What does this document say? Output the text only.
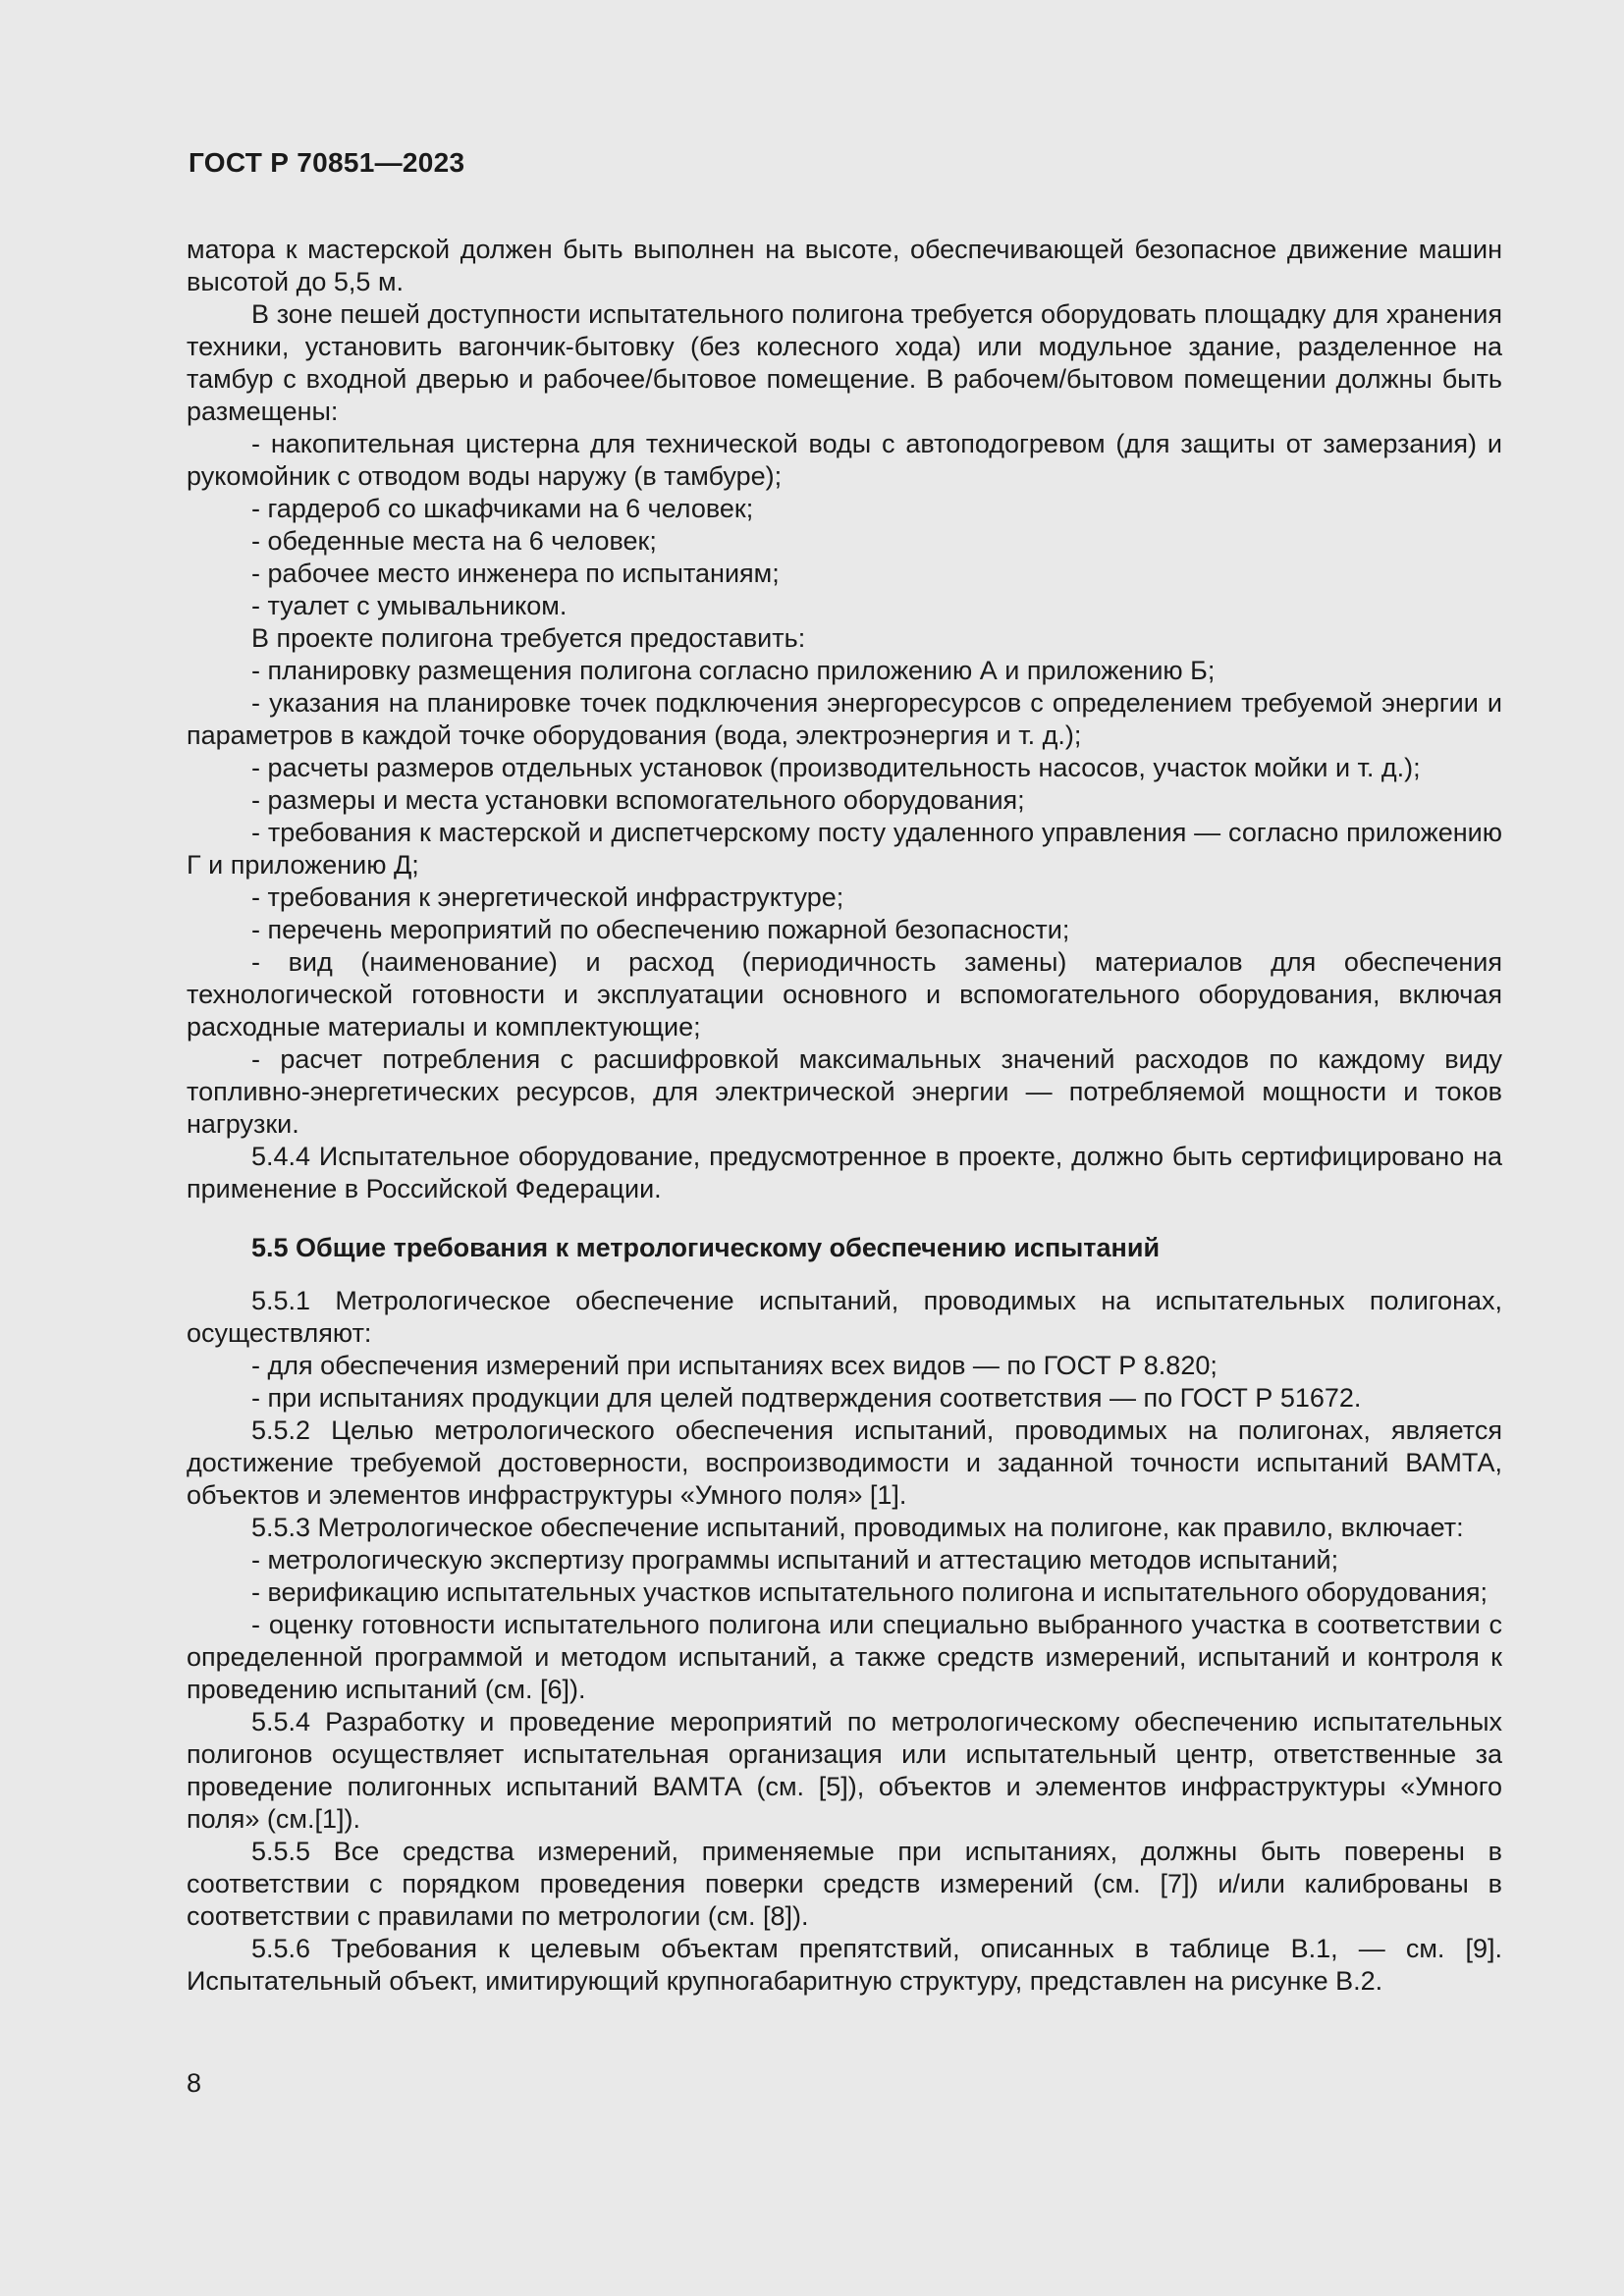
ГОСТ Р 70851—2023

матора к мастерской должен быть выполнен на высоте, обеспечивающей безопасное движение машин высотой до 5,5 м.

В зоне пешей доступности испытательного полигона требуется оборудовать площадку для хранения техники, установить вагончик-бытовку (без колесного хода) или модульное здание, разделенное на тамбур с входной дверью и рабочее/бытовое помещение. В рабочем/бытовом помещении должны быть размещены:

- накопительная цистерна для технической воды с автоподогревом (для защиты от замерзания) и рукомойник с отводом воды наружу (в тамбуре);

- гардероб со шкафчиками на 6 человек;

- обеденные места на 6 человек;

- рабочее место инженера по испытаниям;

- туалет с умывальником.

В проекте полигона требуется предоставить:

- планировку размещения полигона согласно приложению А и приложению Б;

- указания на планировке точек подключения энергоресурсов с определением требуемой энергии и параметров в каждой точке оборудования (вода, электроэнергия и т. д.);

- расчеты размеров отдельных установок (производительность насосов, участок мойки и т. д.);

- размеры и места установки вспомогательного оборудования;

- требования к мастерской и диспетчерскому посту удаленного управления — согласно приложению Г и приложению Д;

- требования к энергетической инфраструктуре;

- перечень мероприятий по обеспечению пожарной безопасности;

- вид (наименование) и расход (периодичность замены) материалов для обеспечения технологической готовности и эксплуатации основного и вспомогательного оборудования, включая расходные материалы и комплектующие;

- расчет потребления с расшифровкой максимальных значений расходов по каждому виду топливно-энергетических ресурсов, для электрической энергии — потребляемой мощности и токов нагрузки.

5.4.4 Испытательное оборудование, предусмотренное в проекте, должно быть сертифицировано на применение в Российской Федерации.

5.5 Общие требования к метрологическому обеспечению испытаний

5.5.1 Метрологическое обеспечение испытаний, проводимых на испытательных полигонах, осуществляют:

- для обеспечения измерений при испытаниях всех видов — по ГОСТ Р 8.820;

- при испытаниях продукции для целей подтверждения соответствия — по ГОСТ Р 51672.

5.5.2 Целью метрологического обеспечения испытаний, проводимых на полигонах, является достижение требуемой достоверности, воспроизводимости и заданной точности испытаний ВАМТА, объектов и элементов инфраструктуры «Умного поля» [1].

5.5.3 Метрологическое обеспечение испытаний, проводимых на полигоне, как правило, включает:

- метрологическую экспертизу программы испытаний и аттестацию методов испытаний;

- верификацию испытательных участков испытательного полигона и испытательного оборудования;

- оценку готовности испытательного полигона или специально выбранного участка в соответствии с определенной программой и методом испытаний, а также средств измерений, испытаний и контроля к проведению испытаний (см. [6]).

5.5.4 Разработку и проведение мероприятий по метрологическому обеспечению испытательных полигонов осуществляет испытательная организация или испытательный центр, ответственные за проведение полигонных испытаний ВАМТА (см. [5]), объектов и элементов инфраструктуры «Умного поля» (см.[1]).

5.5.5 Все средства измерений, применяемые при испытаниях, должны быть поверены в соответствии с порядком проведения поверки средств измерений (см. [7]) и/или калиброваны в соответствии с правилами по метрологии (см. [8]).

5.5.6 Требования к целевым объектам препятствий, описанных в таблице В.1, — см. [9]. Испытательный объект, имитирующий крупногабаритную структуру, представлен на рисунке В.2.

8
